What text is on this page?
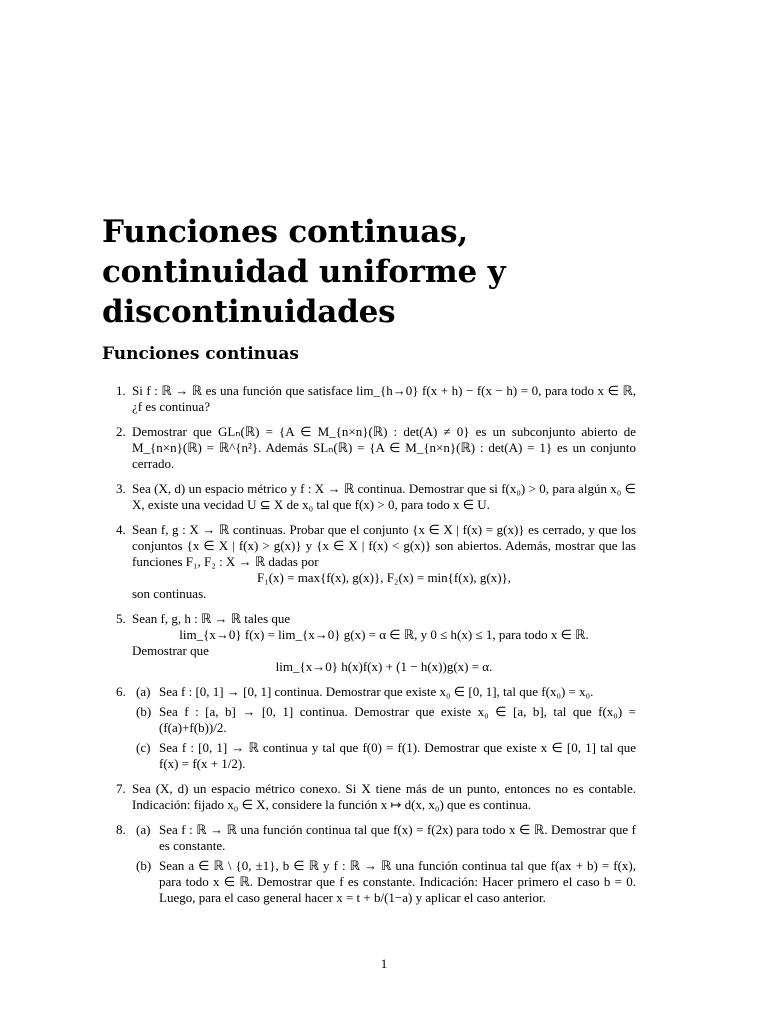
Funciones continuas, continuidad uniforme y discontinuidades
Funciones continuas
1. Si f : ℝ → ℝ es una función que satisface lim_{h→0} f(x + h) − f(x − h) = 0, para todo x ∈ ℝ, ¿f es continua?

2. Demostrar que GLₙ(ℝ) = {A ∈ M_{n×n}(ℝ) : det(A) ≠ 0} es un subconjunto abierto de M_{n×n}(ℝ) = ℝ^{n²}. Además SLₙ(ℝ) = {A ∈ M_{n×n}(ℝ) : det(A) = 1} es un conjunto cerrado.

3. Sea (X, d) un espacio métrico y f : X → ℝ continua. Demostrar que si f(x₀) > 0, para algún x₀ ∈ X, existe una vecidad U ⊆ X de x₀ tal que f(x) > 0, para todo x ∈ U.

4. Sean f, g : X → ℝ continuas. Probar que el conjunto {x ∈ X | f(x) = g(x)} es cerrado, y que los conjuntos {x ∈ X | f(x) > g(x)} y {x ∈ X | f(x) < g(x)} son abiertos. Además, mostrar que las funciones F₁, F₂ : X → ℝ dadas por

F₁(x) = max{f(x), g(x)}, F₂(x) = min{f(x), g(x)},

son continuas.

5. Sean f, g, h : ℝ → ℝ tales que

lim_{x→0} f(x) = lim_{x→0} g(x) = α ∈ ℝ, y 0 ≤ h(x) ≤ 1, para todo x ∈ ℝ.

Demostrar que

lim_{x→0} h(x)f(x) + (1 − h(x))g(x) = α.

6. (a) Sea f : [0, 1] → [0, 1] continua. Demostrar que existe x₀ ∈ [0, 1], tal que f(x₀) = x₀.
(b) Sea f : [a, b] → [0, 1] continua. Demostrar que existe x₀ ∈ [a, b], tal que f(x₀) = (f(a)+f(b))/2.
(c) Sea f : [0, 1] → ℝ continua y tal que f(0) = f(1). Demostrar que existe x ∈ [0, 1] tal que f(x) = f(x + 1/2).
7. Sea (X, d) un espacio métrico conexo. Si X tiene más de un punto, entonces no es contable. Indicación: fijado x₀ ∈ X, considere la función x ↦ d(x, x₀) que es continua.

8. (a) Sea f : ℝ → ℝ una función continua tal que f(x) = f(2x) para todo x ∈ ℝ. Demostrar que f es constante.
(b) Sean a ∈ ℝ \ {0, ±1}, b ∈ ℝ y f : ℝ → ℝ una función continua tal que f(ax + b) = f(x), para todo x ∈ ℝ. Demostrar que f es constante. Indicación: Hacer primero el caso b = 0. Luego, para el caso general hacer x = t + b/(1−a) y aplicar el caso anterior.
1
